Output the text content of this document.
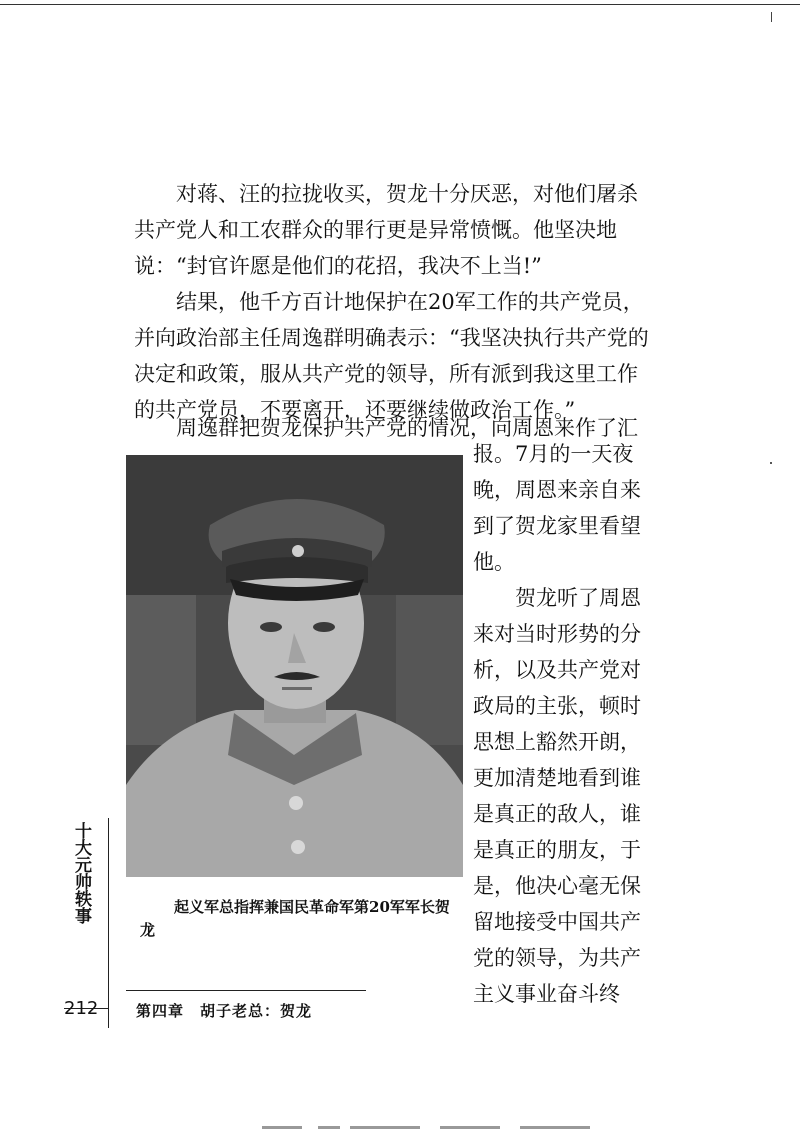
对蒋、汪的拉拢收买，贺龙十分厌恶，对他们屠杀共产党人和工农群众的罪行更是异常愤慨。他坚决地说：“封官许愿是他们的花招，我决不上当!”

结果，他千方百计地保护在20军工作的共产党员，并向政治部主任周逸群明确表示：“我坚决执行共产党的决定和政策，服从共产党的领导，所有派到我这里工作的共产党员，不要离开，还要继续做政治工作。”

周逸群把贺龙保护共产党的情况，向周恩来作了汇

报。7月的一天夜晚，周恩来亲自来到了贺龙家里看望他。

贺龙听了周恩来对当时形势的分析，以及共产党对政局的主张，顿时思想上豁然开朗，更加清楚地看到谁是真正的敌人，谁是真正的朋友，于是，他决心毫无保留地接受中国共产党的领导，为共产主义事业奋斗终

起义军总指挥兼国民革命军第20军军长贺龙
十大元帅轶事
212	第四章　胡子老总：贺龙
